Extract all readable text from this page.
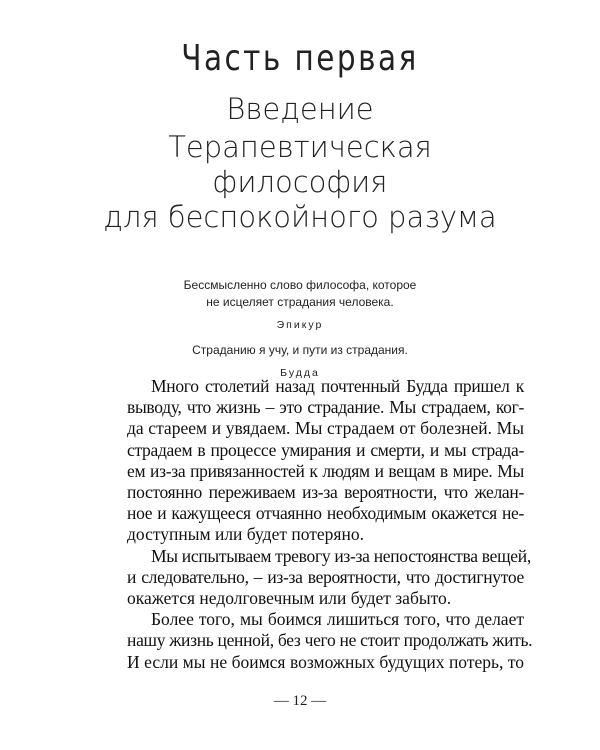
Часть первая
Введение
Терапевтическая
философия
для беспокойного разума
Бессмысленно слово философа, которое
не исцеляет страдания человека.
Эпикур
Страданию я учу, и пути из страдания.
Будда
Много столетий назад почтенный Будда пришел к
выводу, что жизнь – это страдание. Мы страдаем, ког-
да стареем и увядаем. Мы страдаем от болезней. Мы
страдаем в процессе умирания и смерти, и мы страда-
ем из-за привязанностей к людям и вещам в мире. Мы
постоянно переживаем из-за вероятности, что желан-
ное и кажущееся отчаянно необходимым окажется не-
доступным или будет потеряно.
Мы испытываем тревогу из-за непостоянства вещей,
и следовательно, – из-за вероятности, что достигнутое
окажется недолговечным или будет забыто.
Более того, мы боимся лишиться того, что делает
нашу жизнь ценной, без чего не стоит продолжать жить.
И если мы не боимся возможных будущих потерь, то
— 12 —
